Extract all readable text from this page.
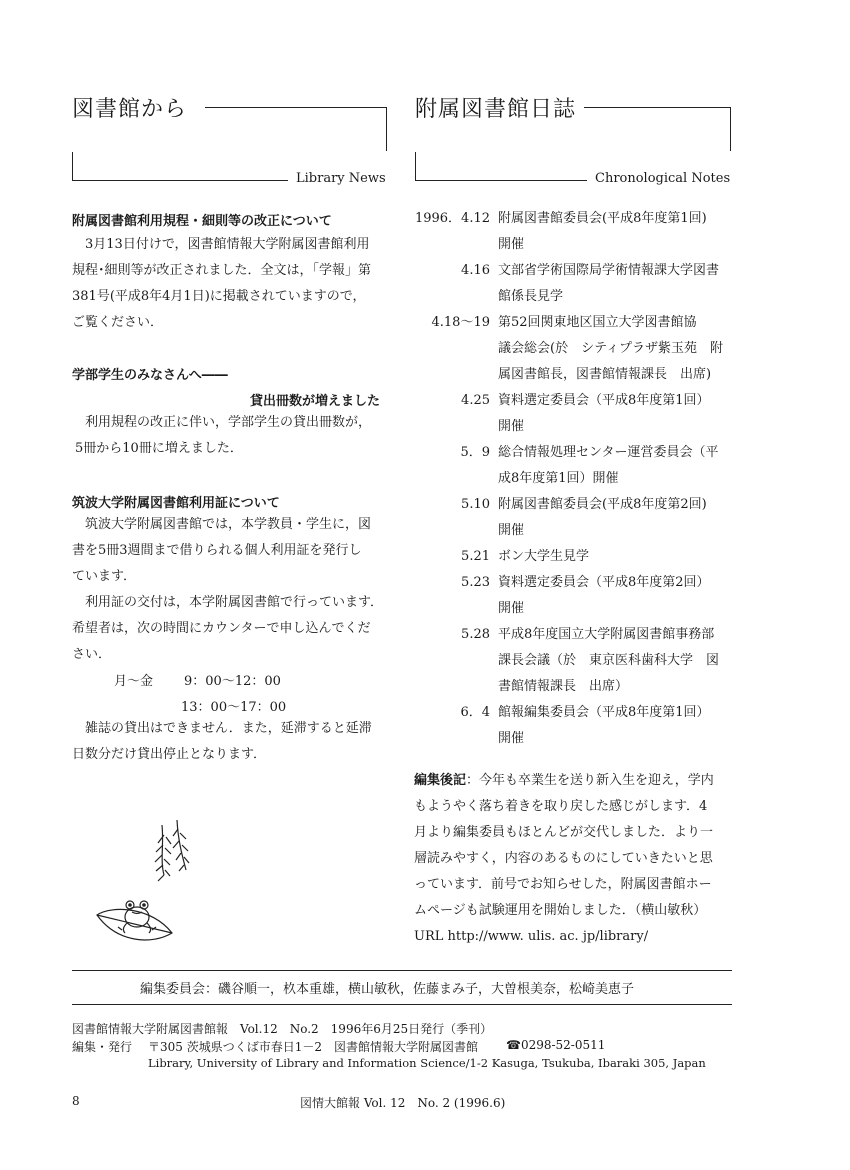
図書館から
Library News
附属図書館日誌
Chronological Notes
附属図書館利用規程・細則等の改正について
3月13日付けで，図書館情報大学附属図書館利用
規程･細則等が改正されました．全文は，「学報」第
381号(平成8年4月1日)に掲載されていますので，
ご覧ください．
学部学生のみなさんへ――
貸出冊数が増えました
利用規程の改正に伴い，学部学生の貸出冊数が，
5冊から10冊に増えました．
筑波大学附属図書館利用証について
筑波大学附属図書館では，本学教員・学生に，図
書を5冊3週間まで借りられる個人利用証を発行し
ています．
利用証の交付は，本学附属図書館で行っています．
希望者は，次の時間にカウンターで申し込んでくだ
さい．
月～金 9：00～12：00
13：00～17：00
雑誌の貸出はできません．また，延滞すると延滞
日数分だけ貸出停止となります．
1996．4.12 附属図書館委員会(平成8年度第1回)
開催
4.16 文部省学術国際局学術情報課大学図書
館係長見学
4.18～19 第52回関東地区国立大学図書館協
議会総会(於　シティプラザ紫玉苑　附
属図書館長，図書館情報課長　出席)
4.25 資料選定委員会（平成8年度第1回）
開催
5．9 総合情報処理センター運営委員会（平
成8年度第1回）開催
5.10 附属図書館委員会(平成8年度第2回)
開催
5.21 ボン大学生見学
5.23 資料選定委員会（平成8年度第2回）
開催
5.28 平成8年度国立大学附属図書館事務部
課長会議（於　東京医科歯科大学　図
書館情報課長　出席）
6．4 館報編集委員会（平成8年度第1回）
開催
編集後記：今年も卒業生を送り新入生を迎え，学内
もようやく落ち着きを取り戻した感じがします．4
月より編集委員もほとんどが交代しました．より一
層読みやすく，内容のあるものにしていきたいと思
っています．前号でお知らせした，附属図書館ホー
ムページも試験運用を開始しました．（横山敏秋）
URL http://www. ulis. ac. jp/library/
編集委員会：磯谷順一，杦本重雄，横山敏秋，佐藤まみ子，大曽根美奈，松崎美恵子
図書館情報大学附属図書館報　Vol.12　No.2　1996年6月25日発行（季刊）
編集・発行 〒305 茨城県つくば市春日1－2　図書館情報大学附属図書館 ☎0298-52-0511
Library, University of Library and Information Science/1-2 Kasuga, Tsukuba, Ibaraki 305, Japan
8	図情大館報 Vol. 12　No. 2 (1996.6)
